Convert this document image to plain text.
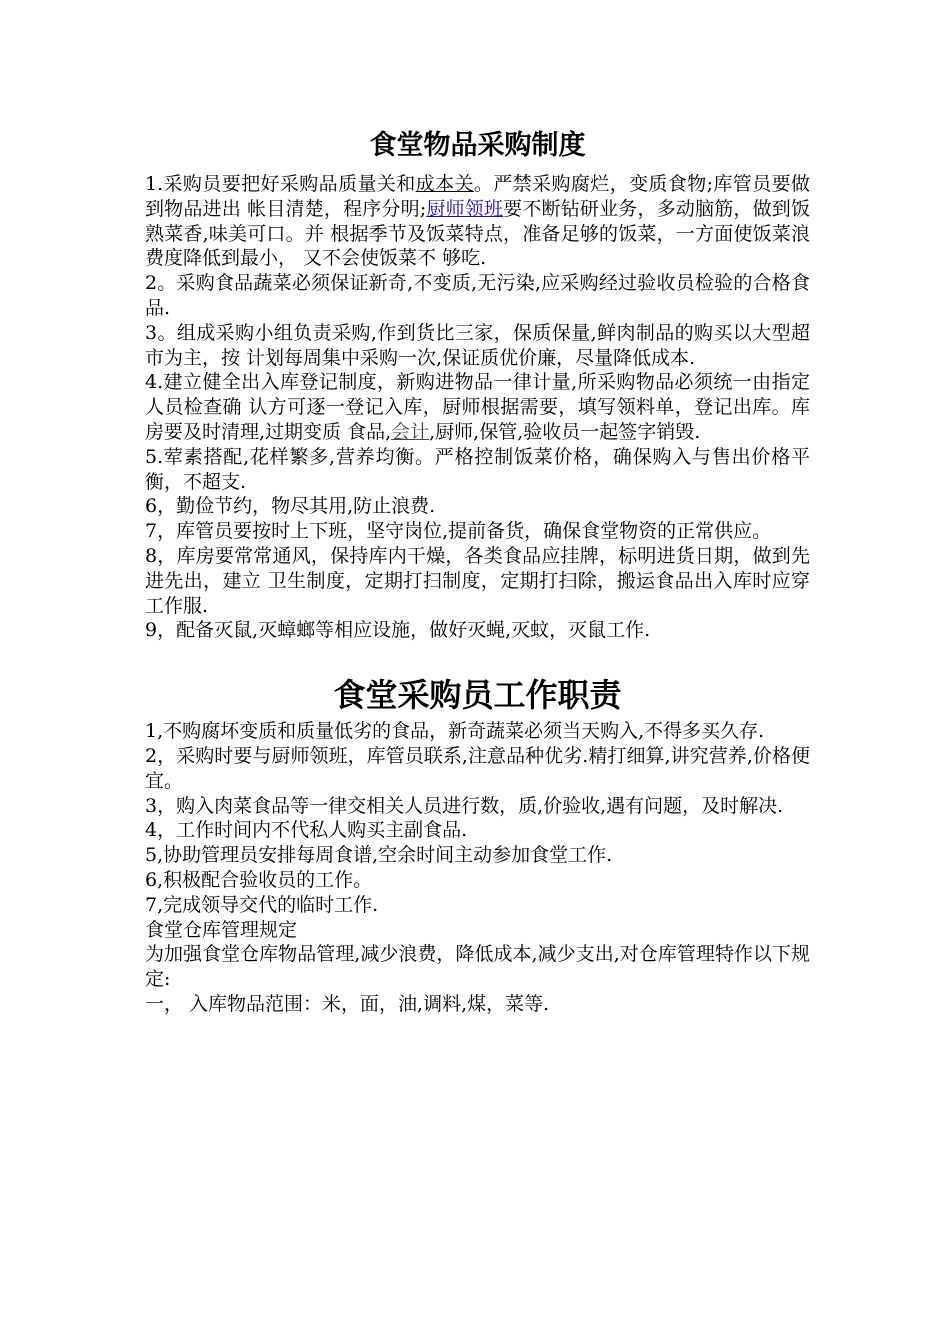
食堂物品采购制度

1.采购员要把好采购品质量关和成本关。严禁采购腐烂，变质食物;库管员要做到物品进出 帐目清楚，程序分明;厨师领班要不断钻研业务，多动脑筋，做到饭熟菜香,味美可口。并 根据季节及饭菜特点，准备足够的饭菜，一方面使饭菜浪费度降低到最小， 又不会使饭菜不 够吃.

2。采购食品蔬菜必须保证新奇,不变质,无污染,应采购经过验收员检验的合格食品.

3。组成采购小组负责采购,作到货比三家，保质保量,鲜肉制品的购买以大型超市为主，按 计划每周集中采购一次,保证质优价廉，尽量降低成本.

4.建立健全出入库登记制度，新购进物品一律计量,所采购物品必须统一由指定人员检查确 认方可逐一登记入库，厨师根据需要，填写领料单，登记出库。库房要及时清理,过期变质 食品,会计,厨师,保管,验收员一起签字销毁.

5.荤素搭配,花样繁多,营养均衡。严格控制饭菜价格，确保购入与售出价格平衡，不超支.

6，勤俭节约，物尽其用,防止浪费.

7，库管员要按时上下班，坚守岗位,提前备货，确保食堂物资的正常供应。

8，库房要常常通风，保持库内干燥，各类食品应挂牌，标明进货日期，做到先进先出，建立 卫生制度，定期打扫制度，定期打扫除，搬运食品出入库时应穿工作服.

9，配备灭鼠,灭蟑螂等相应设施，做好灭蝇,灭蚊，灭鼠工作.

食堂采购员工作职责

1,不购腐坏变质和质量低劣的食品，新奇蔬菜必须当天购入,不得多买久存.

2，采购时要与厨师领班，库管员联系,注意品种优劣.精打细算,讲究营养,价格便宜。

3，购入肉菜食品等一律交相关人员进行数，质,价验收,遇有问题，及时解决.

4，工作时间内不代私人购买主副食品.

5,协助管理员安排每周食谱,空余时间主动参加食堂工作.

6,积极配合验收员的工作。

7,完成领导交代的临时工作.

食堂仓库管理规定

为加强食堂仓库物品管理,减少浪费，降低成本,减少支出,对仓库管理特作以下规定:

一， 入库物品范围：米，面，油,调料,煤，菜等.
